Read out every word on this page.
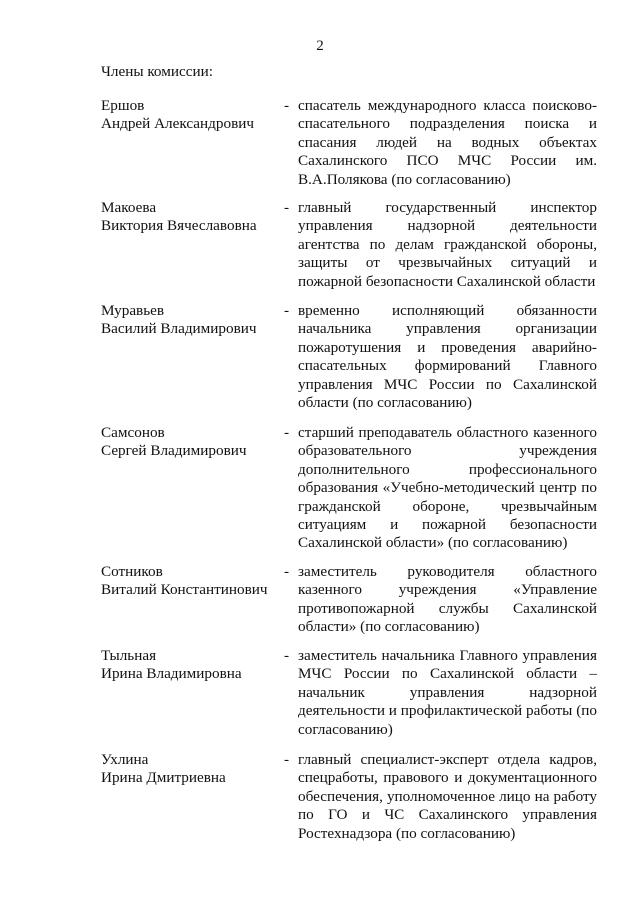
2
Члены комиссии:
Ершов
Андрей Александрович
- спасатель международного класса поисково-спасательного подразделения поиска и спасания людей на водных объектах Сахалинского ПСО МЧС России им. В.А.Полякова (по согласованию)
Макоева
Виктория Вячеславовна
- главный государственный инспектор управления надзорной деятельности агентства по делам гражданской обороны, защиты от чрезвычайных ситуаций и пожарной безопасности Сахалинской области
Муравьев
Василий Владимирович
- временно исполняющий обязанности начальника управления организации пожаротушения и проведения аварийно-спасательных формирований Главного управления МЧС России по Сахалинской области (по согласованию)
Самсонов
Сергей Владимирович
- старший преподаватель областного казенного образовательного учреждения дополнительного профессионального образования «Учебно-методический центр по гражданской обороне, чрезвычайным ситуациям и пожарной безопасности Сахалинской области» (по согласованию)
Сотников
Виталий Константинович
- заместитель руководителя областного казенного учреждения «Управление противопожарной службы Сахалинской области» (по согласованию)
Тыльная
Ирина Владимировна
- заместитель начальника Главного управления МЧС России по Сахалинской области – начальник управления надзорной деятельности и профилактической работы (по согласованию)
Ухлина
Ирина Дмитриевна
- главный специалист-эксперт отдела кадров, спецработы, правового и документационного обеспечения, уполномоченное лицо на работу по ГО и ЧС Сахалинского управления Ростехнадзора (по согласованию)
